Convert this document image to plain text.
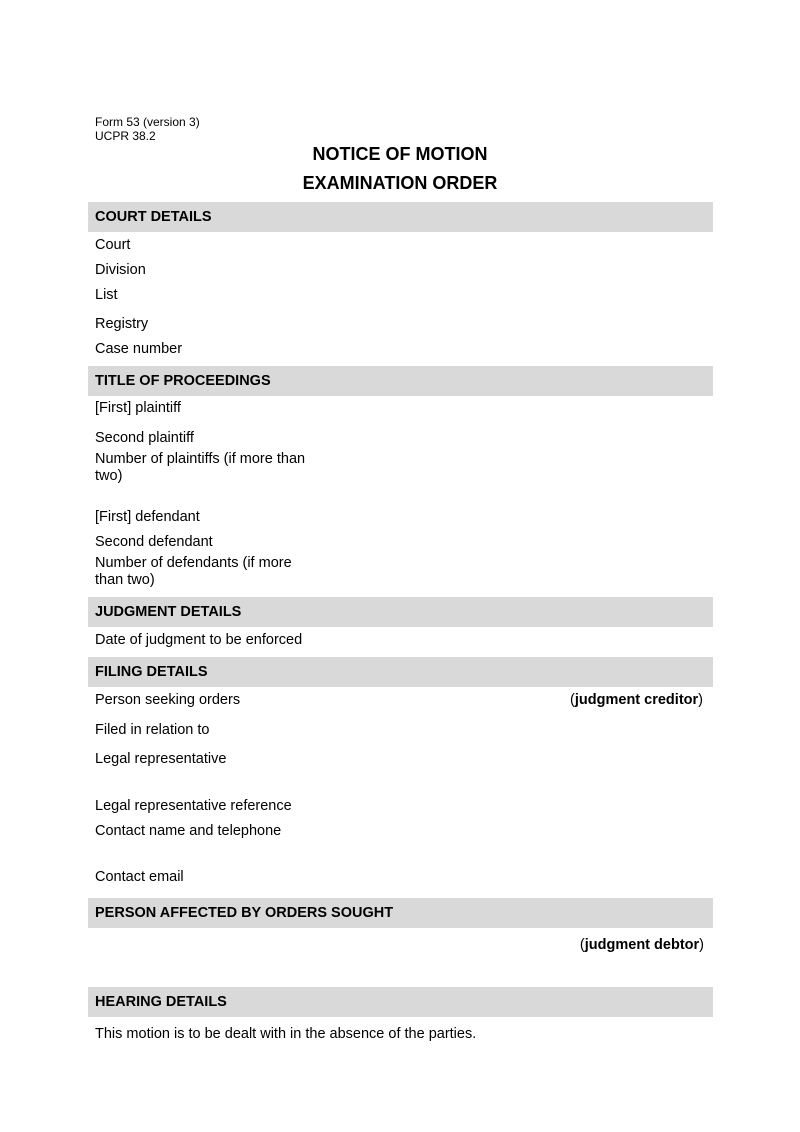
Form 53 (version 3)
UCPR 38.2
NOTICE OF MOTION
EXAMINATION ORDER
COURT DETAILS
Court
Division
List
Registry
Case number
TITLE OF PROCEEDINGS
[First] plaintiff
Second plaintiff
Number of plaintiffs (if more than two)
[First] defendant
Second defendant
Number of defendants (if more than two)
JUDGMENT DETAILS
Date of judgment to be enforced
FILING DETAILS
Person seeking orders	(judgment creditor)
Filed in relation to
Legal representative
Legal representative reference
Contact name and telephone
Contact email
PERSON AFFECTED BY ORDERS SOUGHT
(judgment debtor)
HEARING DETAILS
This motion is to be dealt with in the absence of the parties.
